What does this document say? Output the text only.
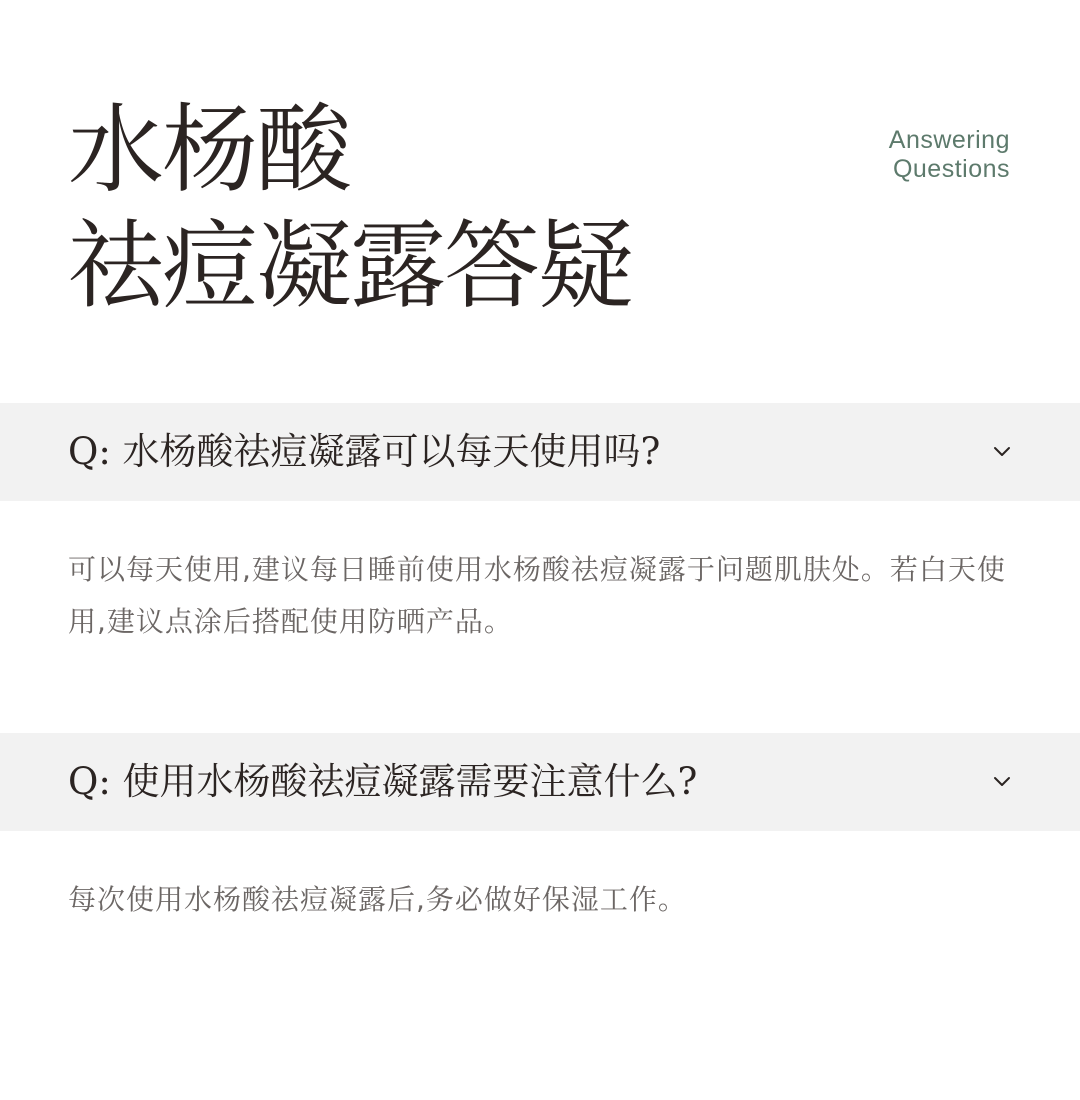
水杨酸
祛痘凝露答疑
Answering
Questions
Q: 水杨酸祛痘凝露可以每天使用吗?

可以每天使用,建议每日睡前使用水杨酸祛痘凝露于问题肌肤处。若白天使用,建议点涂后搭配使用防晒产品。

Q: 使用水杨酸祛痘凝露需要注意什么?

每次使用水杨酸祛痘凝露后,务必做好保湿工作。
